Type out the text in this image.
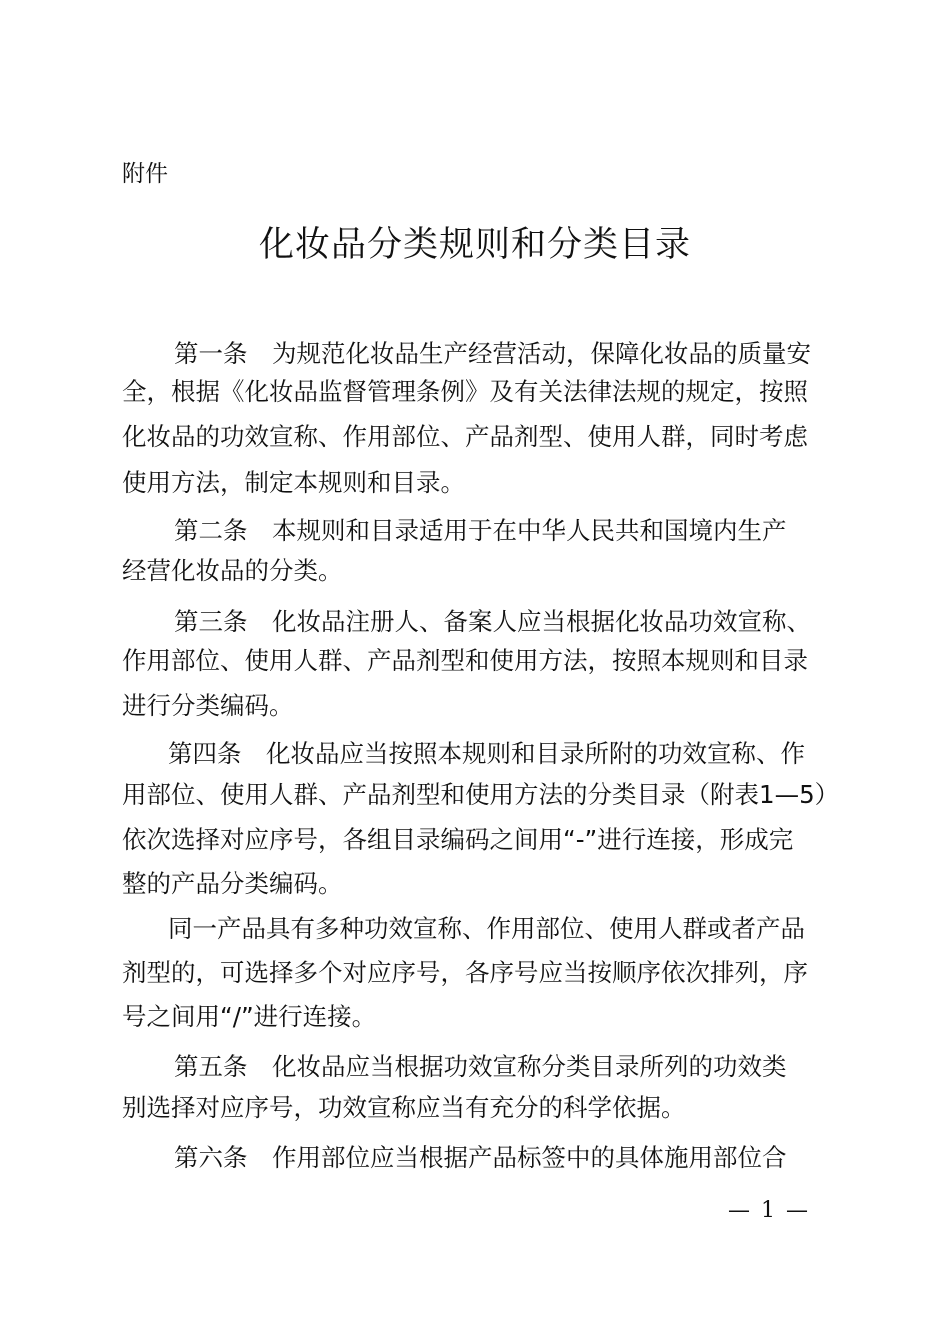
附件
化妆品分类规则和分类目录
第一条　为规范化妆品生产经营活动，保障化妆品的质量安
全，根据《化妆品监督管理条例》及有关法律法规的规定，按照
化妆品的功效宣称、作用部位、产品剂型、使用人群，同时考虑
使用方法，制定本规则和目录。
第二条　本规则和目录适用于在中华人民共和国境内生产
经营化妆品的分类。
第三条　化妆品注册人、备案人应当根据化妆品功效宣称、
作用部位、使用人群、产品剂型和使用方法，按照本规则和目录
进行分类编码。
第四条　化妆品应当按照本规则和目录所附的功效宣称、作
用部位、使用人群、产品剂型和使用方法的分类目录（附表1—5）
依次选择对应序号，各组目录编码之间用“-”进行连接，形成完
整的产品分类编码。
同一产品具有多种功效宣称、作用部位、使用人群或者产品
剂型的，可选择多个对应序号，各序号应当按顺序依次排列，序
号之间用“/”进行连接。
第五条　化妆品应当根据功效宣称分类目录所列的功效类
别选择对应序号，功效宣称应当有充分的科学依据。
第六条　作用部位应当根据产品标签中的具体施用部位合
— 1 —
